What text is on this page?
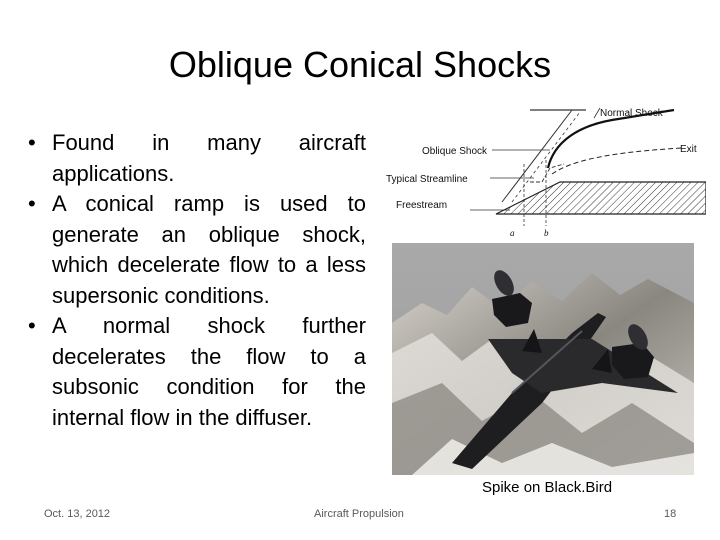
Oblique Conical Shocks
• Found in many aircraft applications.
• A conical ramp is used to generate an oblique shock, which decelerate flow to a less supersonic conditions.
• A normal shock further decelerates the flow to a subsonic condition for the internal flow in the diffuser.
Normal Shock
Exit
Oblique Shock
Typical Streamline
Freestream
a	b
Spike on Black.Bird
Oct. 13, 2012	Aircraft Propulsion	18
